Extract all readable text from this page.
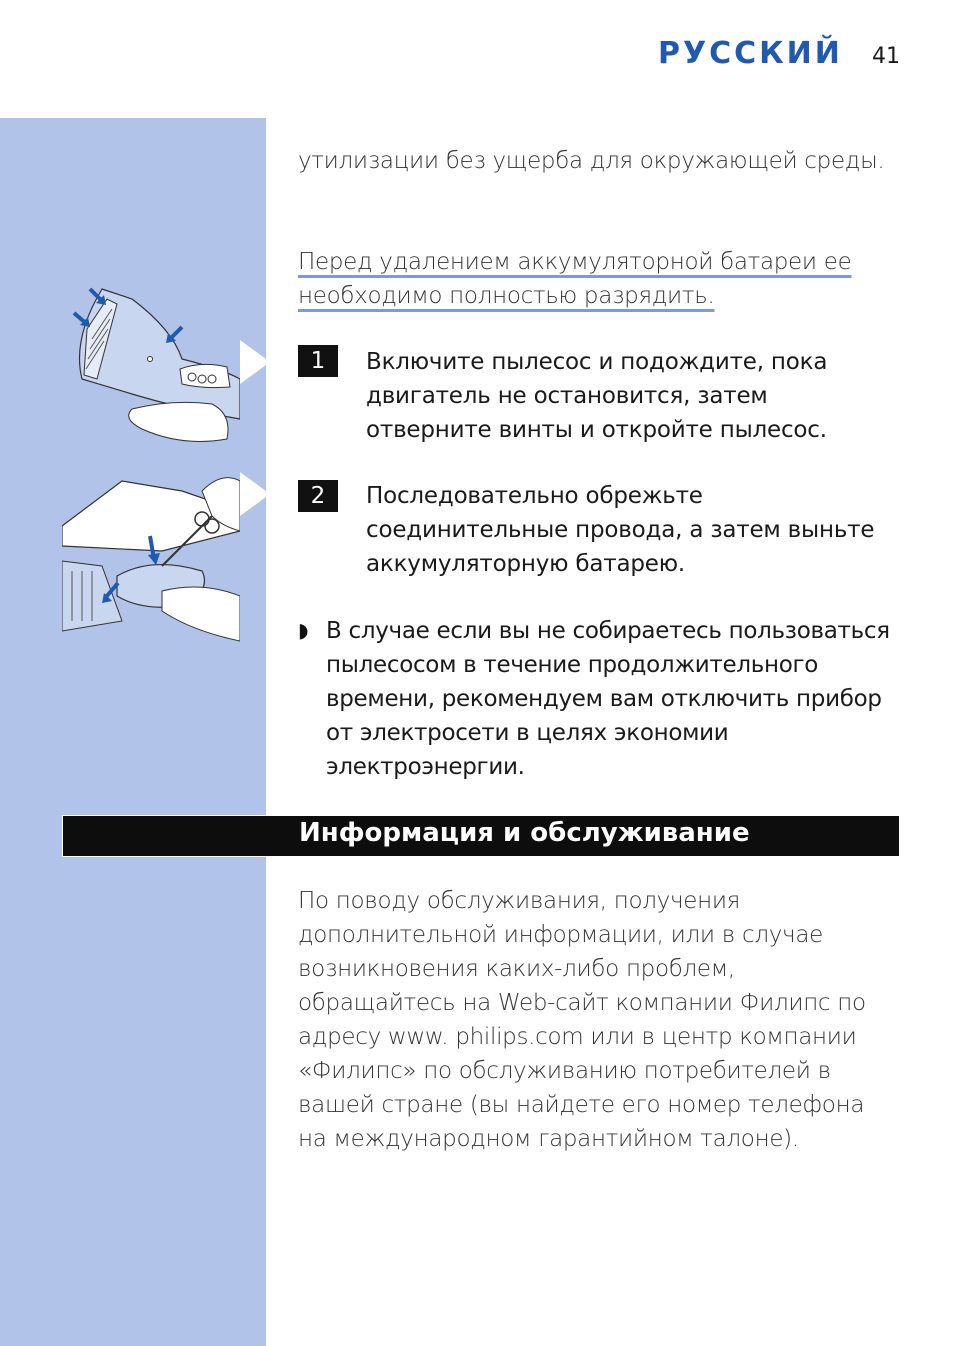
РУССКИЙ 41
утилизации без ущерба для окружающей среды.
Перед удалением аккумуляторной батареи ее необходимо полностью разрядить.
1	Включите пылесос и подождите, пока двигатель не остановится, затем отверните винты и откройте пылесос.
2	Последовательно обрежьте соединительные провода, а затем выньте аккумуляторную батарею.
◗ В случае если вы не собираетесь пользоваться пылесосом в течение продолжительного времени, рекомендуем вам отключить прибор от электросети в целях экономии электроэнергии.
Информация и обслуживание
По поводу обслуживания, получения дополнительной информации, или в случае возникновения каких-либо проблем, обращайтесь на Web-сайт компании Филипс по адресу www. philips.com или в центр компании «Филипс» по обслуживанию потребителей в вашей стране (вы найдете его номер телефона на международном гарантийном талоне).
